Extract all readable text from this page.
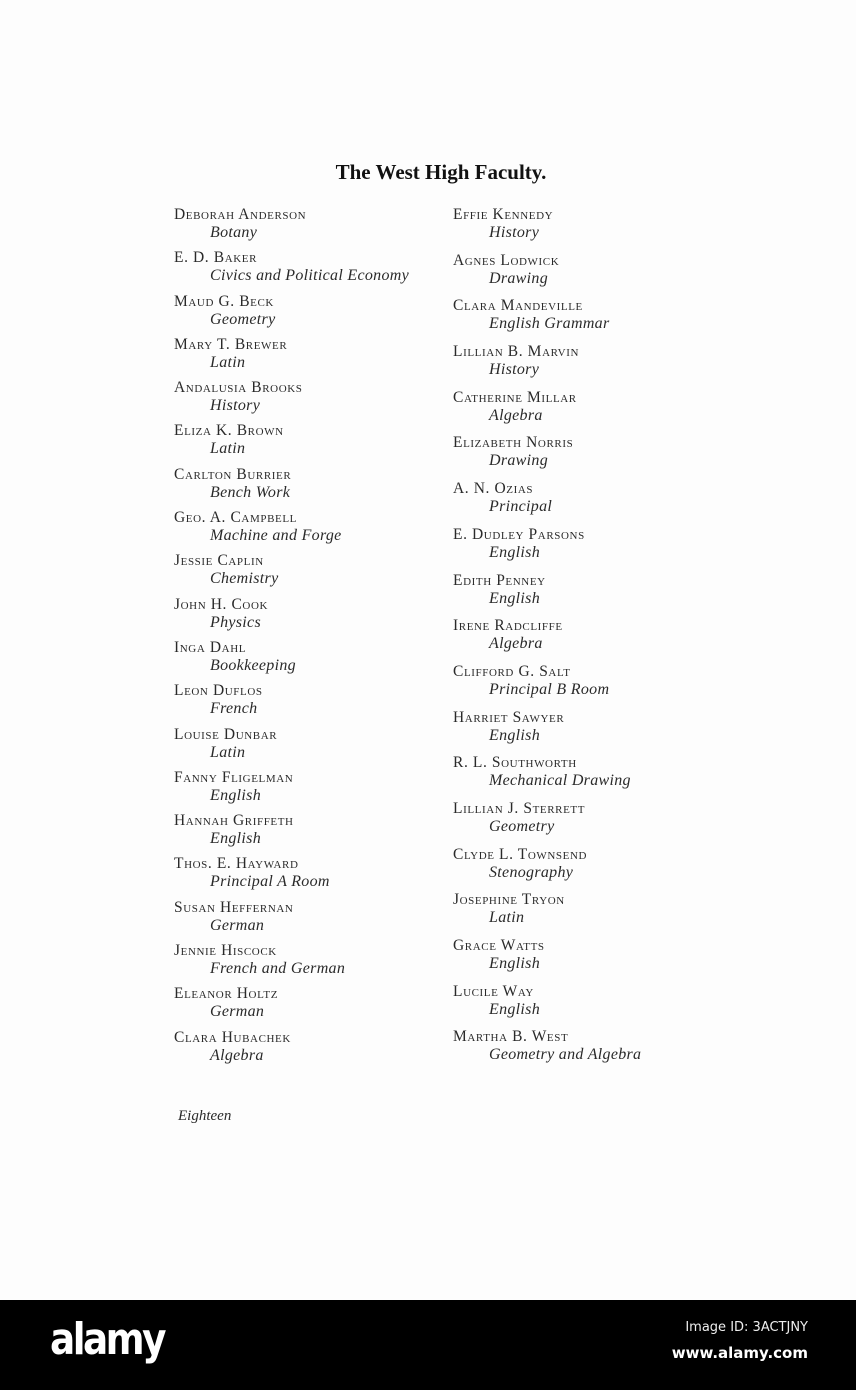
The West High Faculty.
Deborah Anderson
Botany
E. D. Baker
Civics and Political Economy
Maud G. Beck
Geometry
Mary T. Brewer
Latin
Andalusia Brooks
History
Eliza K. Brown
Latin
Carlton Burrier
Bench Work
Geo. A. Campbell
Machine and Forge
Jessie Caplin
Chemistry
John H. Cook
Physics
Inga Dahl
Bookkeeping
Leon Duflos
French
Louise Dunbar
Latin
Fanny Fligelman
English
Hannah Griffeth
English
Thos. E. Hayward
Principal A Room
Susan Heffernan
German
Jennie Hiscock
French and German
Eleanor Holtz
German
Clara Hubachek
Algebra
Effie Kennedy
History
Agnes Lodwick
Drawing
Clara Mandeville
English Grammar
Lillian B. Marvin
History
Catherine Millar
Algebra
Elizabeth Norris
Drawing
A. N. Ozias
Principal
E. Dudley Parsons
English
Edith Penney
English
Irene Radcliffe
Algebra
Clifford G. Salt
Principal B Room
Harriet Sawyer
English
R. L. Southworth
Mechanical Drawing
Lillian J. Sterrett
Geometry
Clyde L. Townsend
Stenography
Josephine Tryon
Latin
Grace Watts
English
Lucile Way
English
Martha B. West
Geometry and Algebra
Eighteen
alamy	Image ID: 3ACTJNY
www.alamy.com
